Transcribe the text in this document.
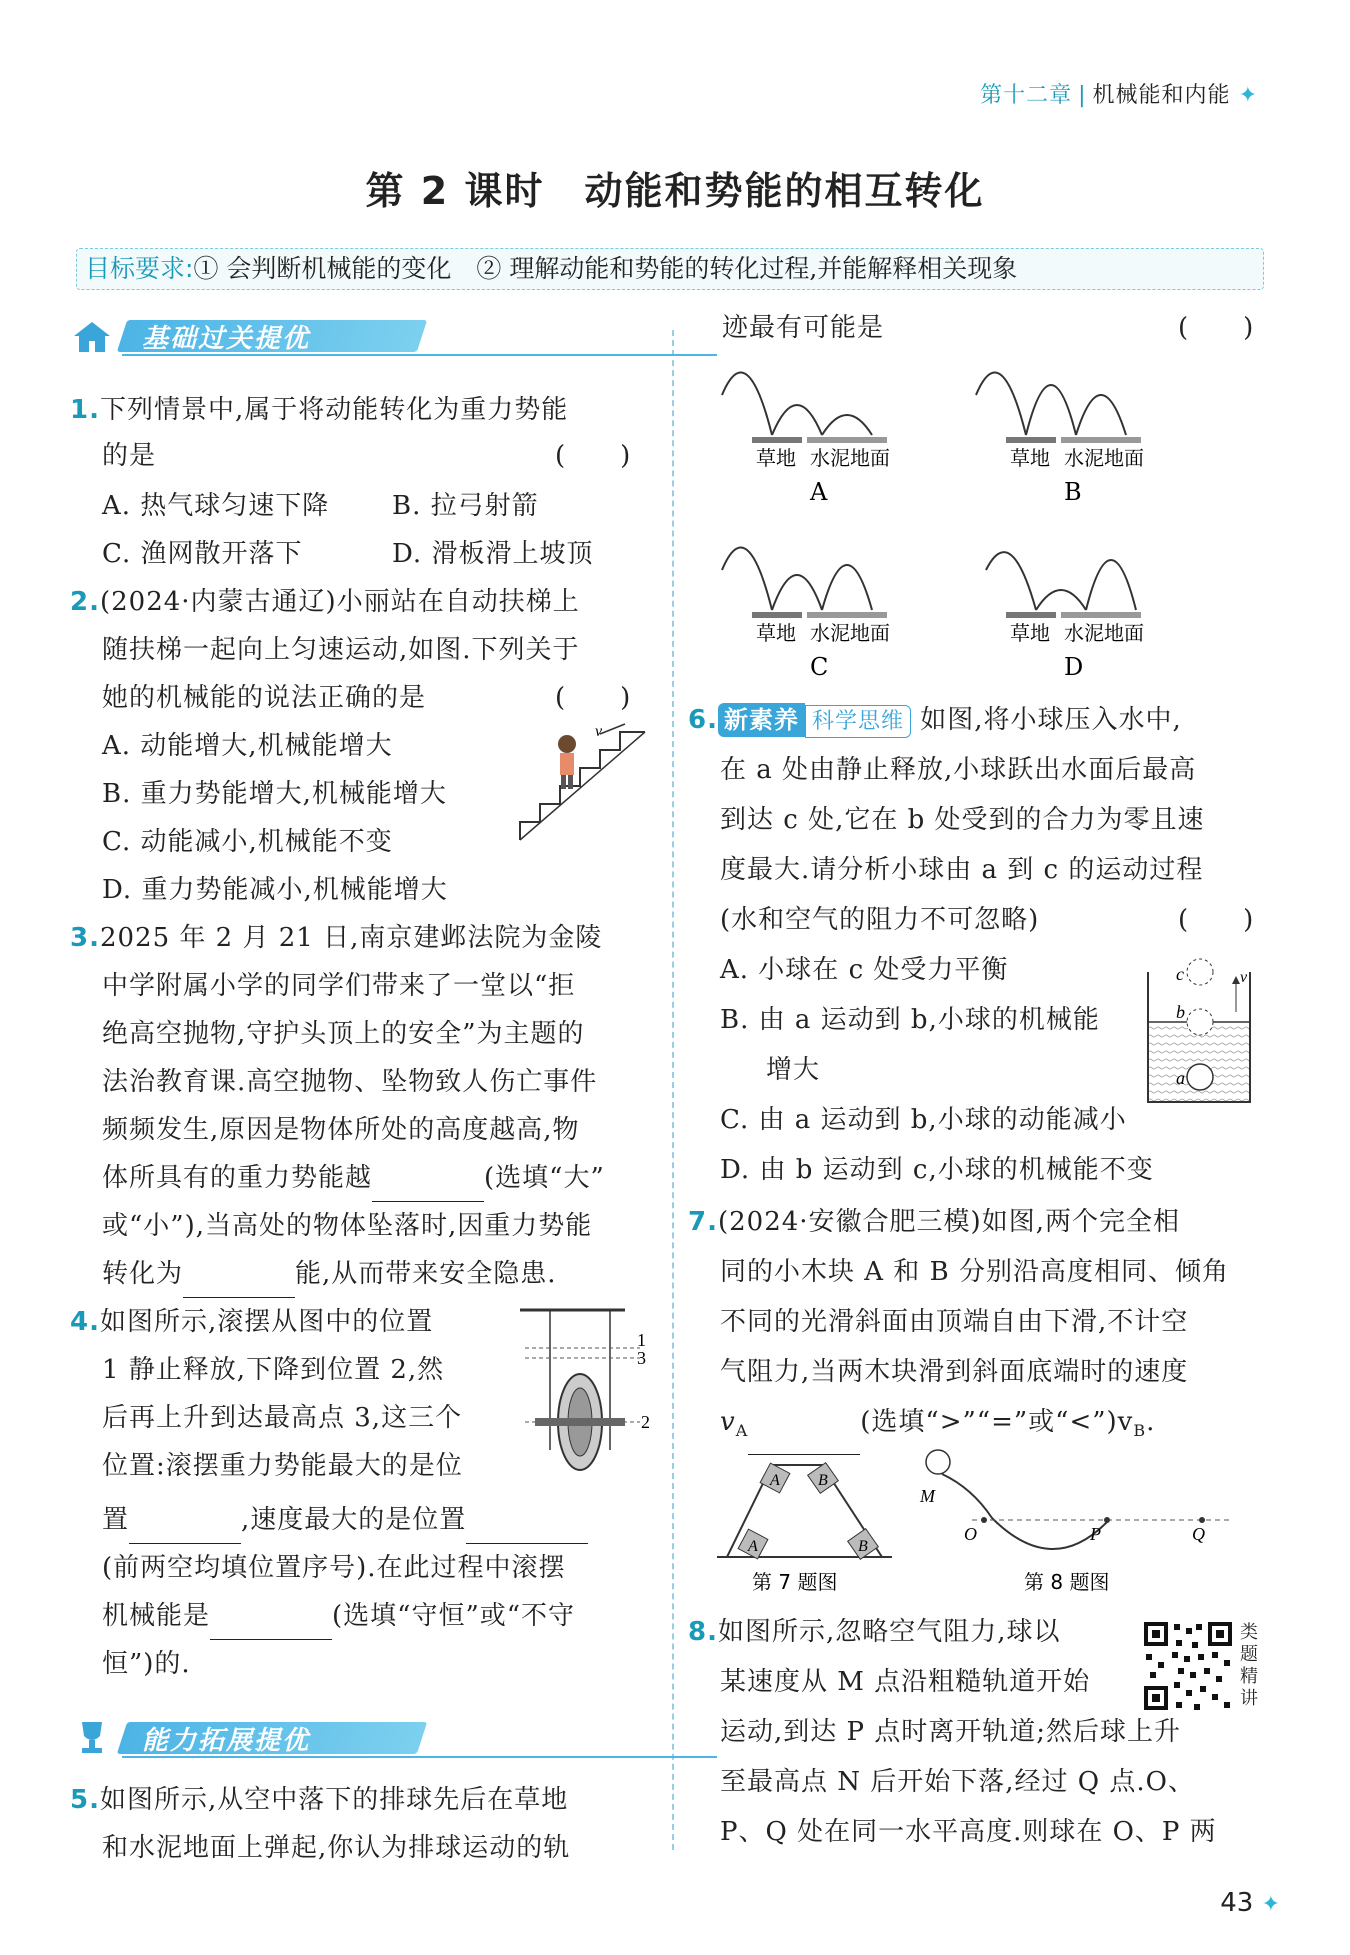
第十二章 | 机械能和内能 ✦
第 2 课时　动能和势能的相互转化
目标要求:① 会判断机械能的变化　② 理解动能和势能的转化过程,并能解释相关现象
基础过关提优
1.下列情景中,属于将动能转化为重力势能
的是	(　　)
A. 热气球匀速下降 B. 拉弓射箭
C. 渔网散开落下	D. 滑板滑上坡顶
2.(2024·内蒙古通辽)小丽站在自动扶梯上
随扶梯一起向上匀速运动,如图.下列关于
她的机械能的说法正确的是	(　　)
A. 动能增大,机械能增大
B. 重力势能增大,机械能增大
C. 动能减小,机械能不变
D. 重力势能减小,机械能增大
v
3.2025 年 2 月 21 日,南京建邺法院为金陵
中学附属小学的同学们带来了一堂以“拒
绝高空抛物,守护头顶上的安全”为主题的
法治教育课.高空抛物、坠物致人伤亡事件
频频发生,原因是物体所处的高度越高,物
体所具有的重力势能越	(选填“大”
或“小”),当高处的物体坠落时,因重力势能
转化为	能,从而带来安全隐患.
4.如图所示,滚摆从图中的位置
1 静止释放,下降到位置 2,然
后再上升到达最高点 3,这三个
位置:滚摆重力势能最大的是位
置	,速度最大的是位置
(前两空均填位置序号).在此过程中滚摆
机械能是	(选填“守恒”或“不守
恒”)的.
1
3
2
能力拓展提优
5.如图所示,从空中落下的排球先后在草地
和水泥地面上弹起,你认为排球运动的轨
迹最有可能是	(　　)
草地 水泥地面
A
草地 水泥地面
B
草地 水泥地面
C
草地 水泥地面
D
6. 新素养 科学思维 如图,将小球压入水中,
在 a 处由静止释放,小球跃出水面后最高
到达 c 处,它在 b 处受到的合力为零且速
度最大.请分析小球由 a 到 c 的运动过程
(水和空气的阻力不可忽略)	(　　)
A. 小球在 c 处受力平衡
B. 由 a 运动到 b,小球的机械能
增大
C. 由 a 运动到 b,小球的动能减小
D. 由 b 运动到 c,小球的机械能不变
c
b
a
v
7.(2024·安徽合肥三模)如图,两个完全相
同的小木块 A 和 B 分别沿高度相同、倾角
不同的光滑斜面由顶端自由下滑,不计空
气阻力,当两木块滑到斜面底端时的速度
$v_A$	(选填“>”“=”或“$<”)v_B$.
A
A
B
B
第 7 题图
M
O	P	Q
第 8 题图
8.如图所示,忽略空气阻力,球以
某速度从 M 点沿粗糙轨道开始
运动,到达 P 点时离开轨道;然后球上升
至最高点 N 后开始下落,经过 Q 点.O、
P、Q 处在同一水平高度.则球在 O、P 两
类
题
精
讲
43 ✦
